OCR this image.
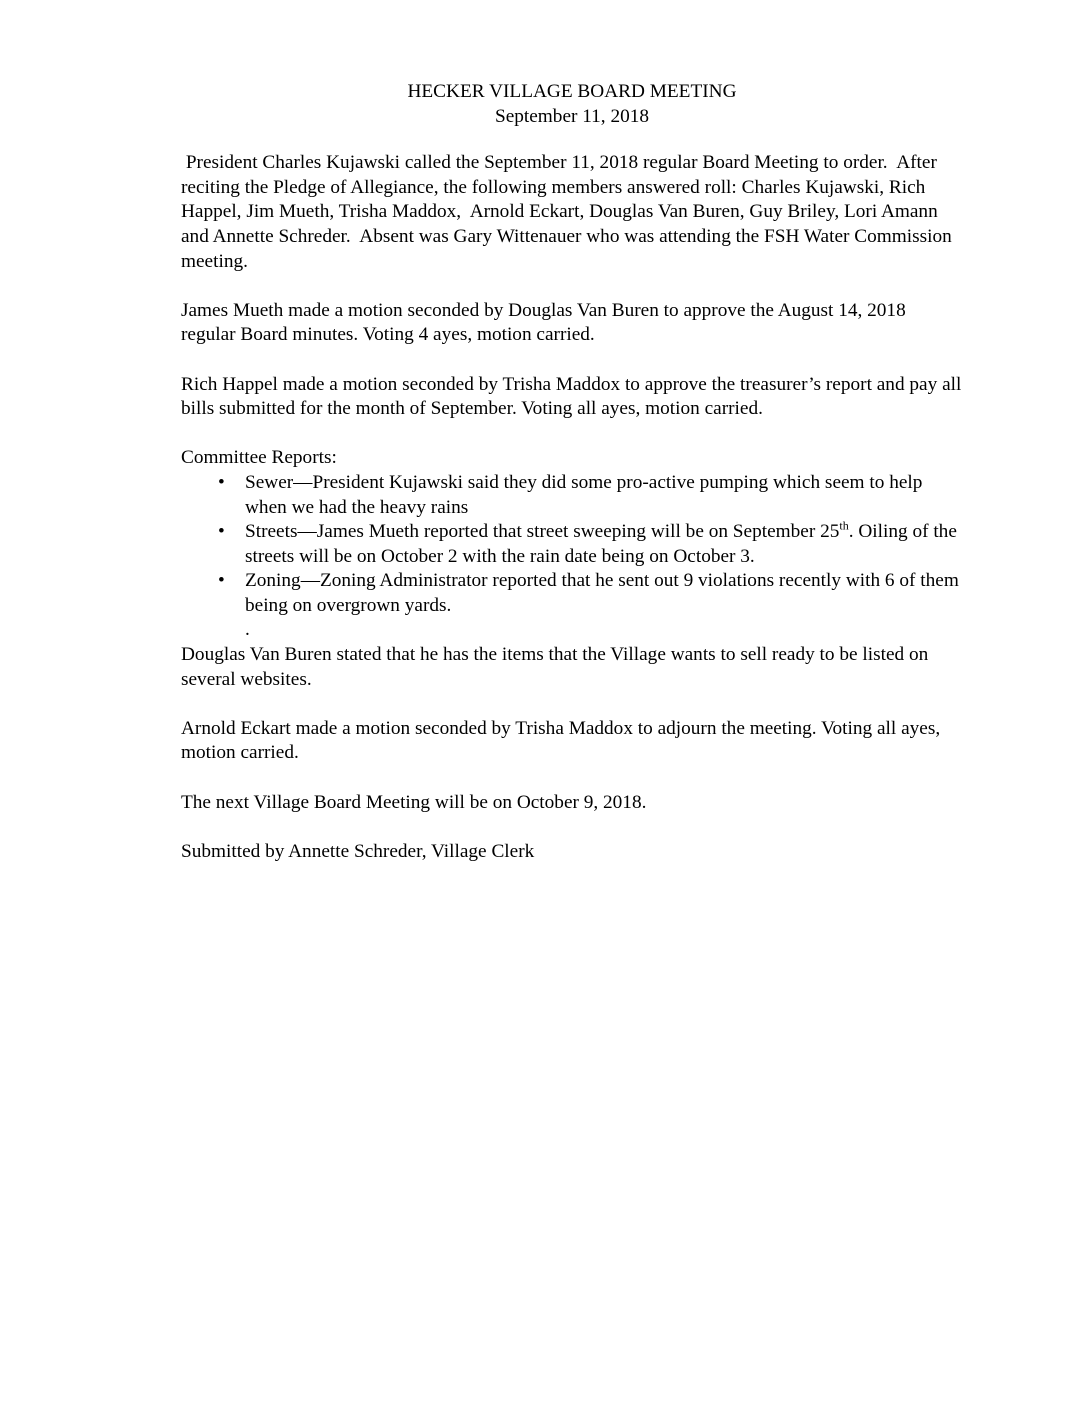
HECKER VILLAGE BOARD MEETING
September 11, 2018

President Charles Kujawski called the September 11, 2018 regular Board Meeting to order.  After reciting the Pledge of Allegiance, the following members answered roll: Charles Kujawski, Rich Happel, Jim Mueth, Trisha Maddox,  Arnold Eckart, Douglas Van Buren, Guy Briley, Lori Amann and Annette Schreder.  Absent was Gary Wittenauer who was attending the FSH Water Commission meeting.

James Mueth made a motion seconded by Douglas Van Buren to approve the August 14, 2018 regular Board minutes. Voting 4 ayes, motion carried.

Rich Happel made a motion seconded by Trisha Maddox to approve the treasurer’s report and pay all bills submitted for the month of September. Voting all ayes, motion carried.

Committee Reports:

• Sewer—President Kujawski said they did some pro-active pumping which seem to help when we had the heavy rains
• Streets—James Mueth reported that street sweeping will be on September 25th. Oiling of the streets will be on October 2 with the rain date being on October 3.
• Zoning—Zoning Administrator reported that he sent out 9 violations recently with 6 of them being on overgrown yards.
.

Douglas Van Buren stated that he has the items that the Village wants to sell ready to be listed on several websites.

Arnold Eckart made a motion seconded by Trisha Maddox to adjourn the meeting. Voting all ayes, motion carried.

The next Village Board Meeting will be on October 9, 2018.

Submitted by Annette Schreder, Village Clerk
